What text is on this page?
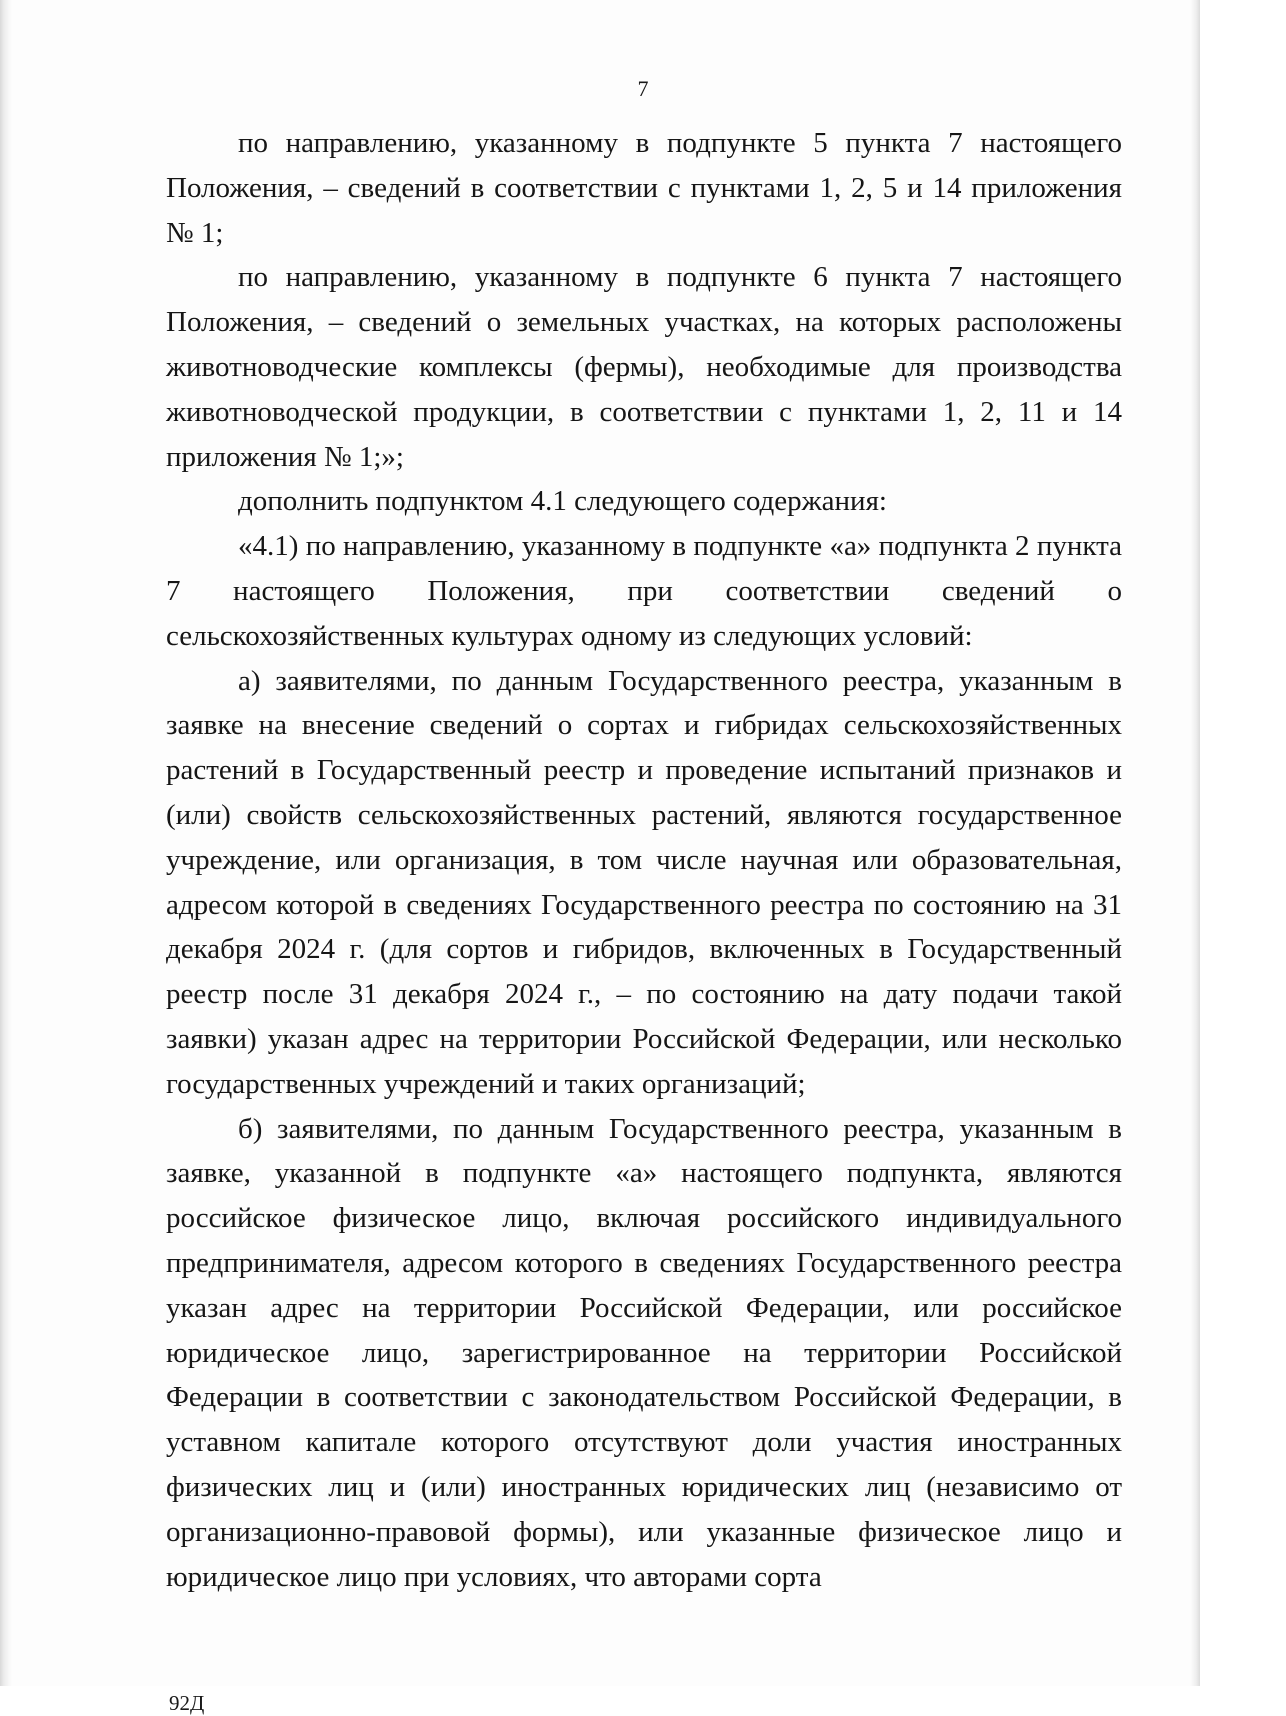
7

по направлению, указанному в подпункте 5 пункта 7 настоящего Положения, – сведений в соответствии с пунктами 1, 2, 5 и 14 приложения № 1;

по направлению, указанному в подпункте 6 пункта 7 настоящего Положения, – сведений о земельных участках, на которых расположены животноводческие комплексы (фермы), необходимые для производства животноводческой продукции, в соответствии с пунктами 1, 2, 11 и 14 приложения № 1;»;

дополнить подпунктом 4.1 следующего содержания:

«4.1) по направлению, указанному в подпункте «а» подпункта 2 пункта 7 настоящего Положения, при соответствии сведений о сельскохозяйственных культурах одному из следующих условий:

а) заявителями, по данным Государственного реестра, указанным в заявке на внесение сведений о сортах и гибридах сельскохозяйственных растений в Государственный реестр и проведение испытаний признаков и (или) свойств сельскохозяйственных растений, являются государственное учреждение, или организация, в том числе научная или образовательная, адресом которой в сведениях Государственного реестра по состоянию на 31 декабря 2024 г. (для сортов и гибридов, включенных в Государственный реестр после 31 декабря 2024 г., – по состоянию на дату подачи такой заявки) указан адрес на территории Российской Федерации, или несколько государственных учреждений и таких организаций;

б) заявителями, по данным Государственного реестра, указанным в заявке, указанной в подпункте «а» настоящего подпункта, являются российское физическое лицо, включая российского индивидуального предпринимателя, адресом которого в сведениях Государственного реестра указан адрес на территории Российской Федерации, или российское юридическое лицо, зарегистрированное на территории Российской Федерации в соответствии с законодательством Российской Федерации, в уставном капитале которого отсутствуют доли участия иностранных физических лиц и (или) иностранных юридических лиц (независимо от организационно-правовой формы), или указанные физическое лицо и юридическое лицо при условиях, что авторами сорта

92Д
